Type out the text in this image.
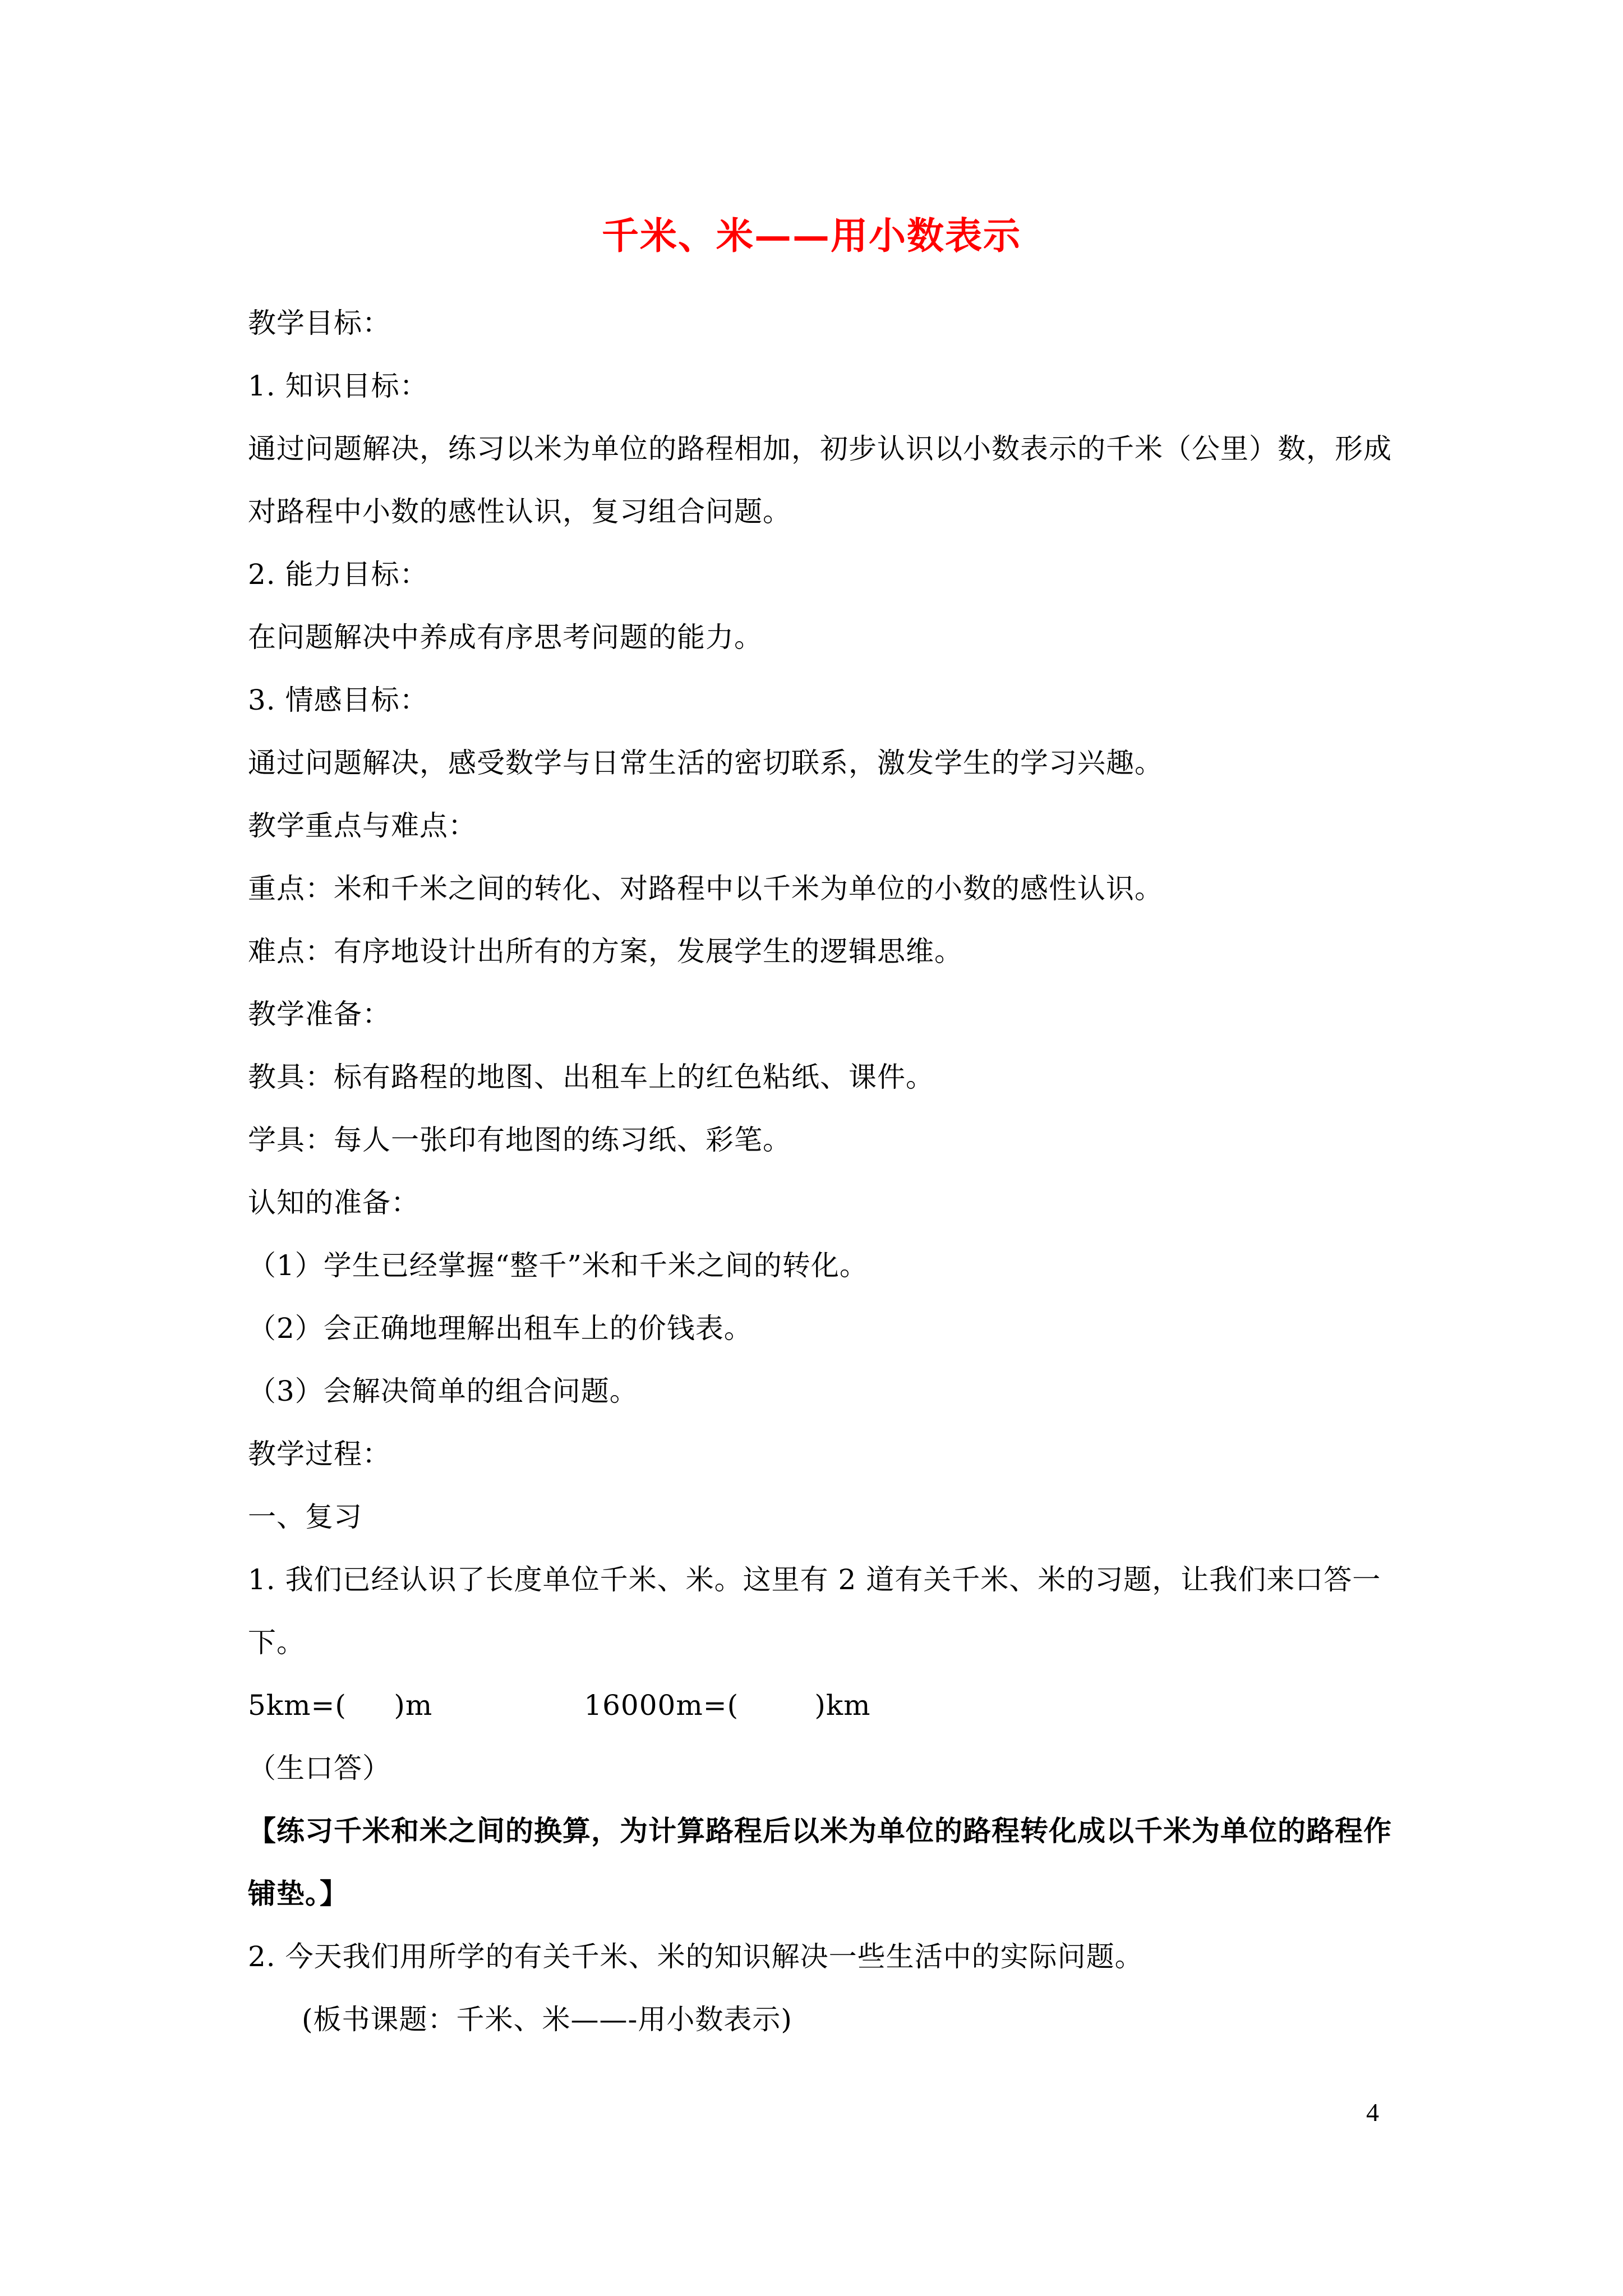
千米、米——用小数表示
教学目标：
1. 知识目标：
通过问题解决，练习以米为单位的路程相加，初步认识以小数表示的千米（公里）数，形成
对路程中小数的感性认识，复习组合问题。
2. 能力目标：
在问题解决中养成有序思考问题的能力。
3. 情感目标：
通过问题解决，感受数学与日常生活的密切联系，激发学生的学习兴趣。
教学重点与难点：
重点：米和千米之间的转化、对路程中以千米为单位的小数的感性认识。
难点：有序地设计出所有的方案，发展学生的逻辑思维。
教学准备：
教具：标有路程的地图、出租车上的红色粘纸、课件。
学具：每人一张印有地图的练习纸、彩笔。
认知的准备：
（1）学生已经掌握“整千”米和千米之间的转化。
（2）会正确地理解出租车上的价钱表。
（3）会解决简单的组合问题。
教学过程：
一、复习
1. 我们已经认识了长度单位千米、米。这里有 2 道有关千米、米的习题，让我们来口答一
下。
5km=(     )m	16000m=(        )km
（生口答）
【练习千米和米之间的换算，为计算路程后以米为单位的路程转化成以千米为单位的路程作
铺垫。】
2. 今天我们用所学的有关千米、米的知识解决一些生活中的实际问题。
(板书课题：千米、米——-用小数表示)
4
